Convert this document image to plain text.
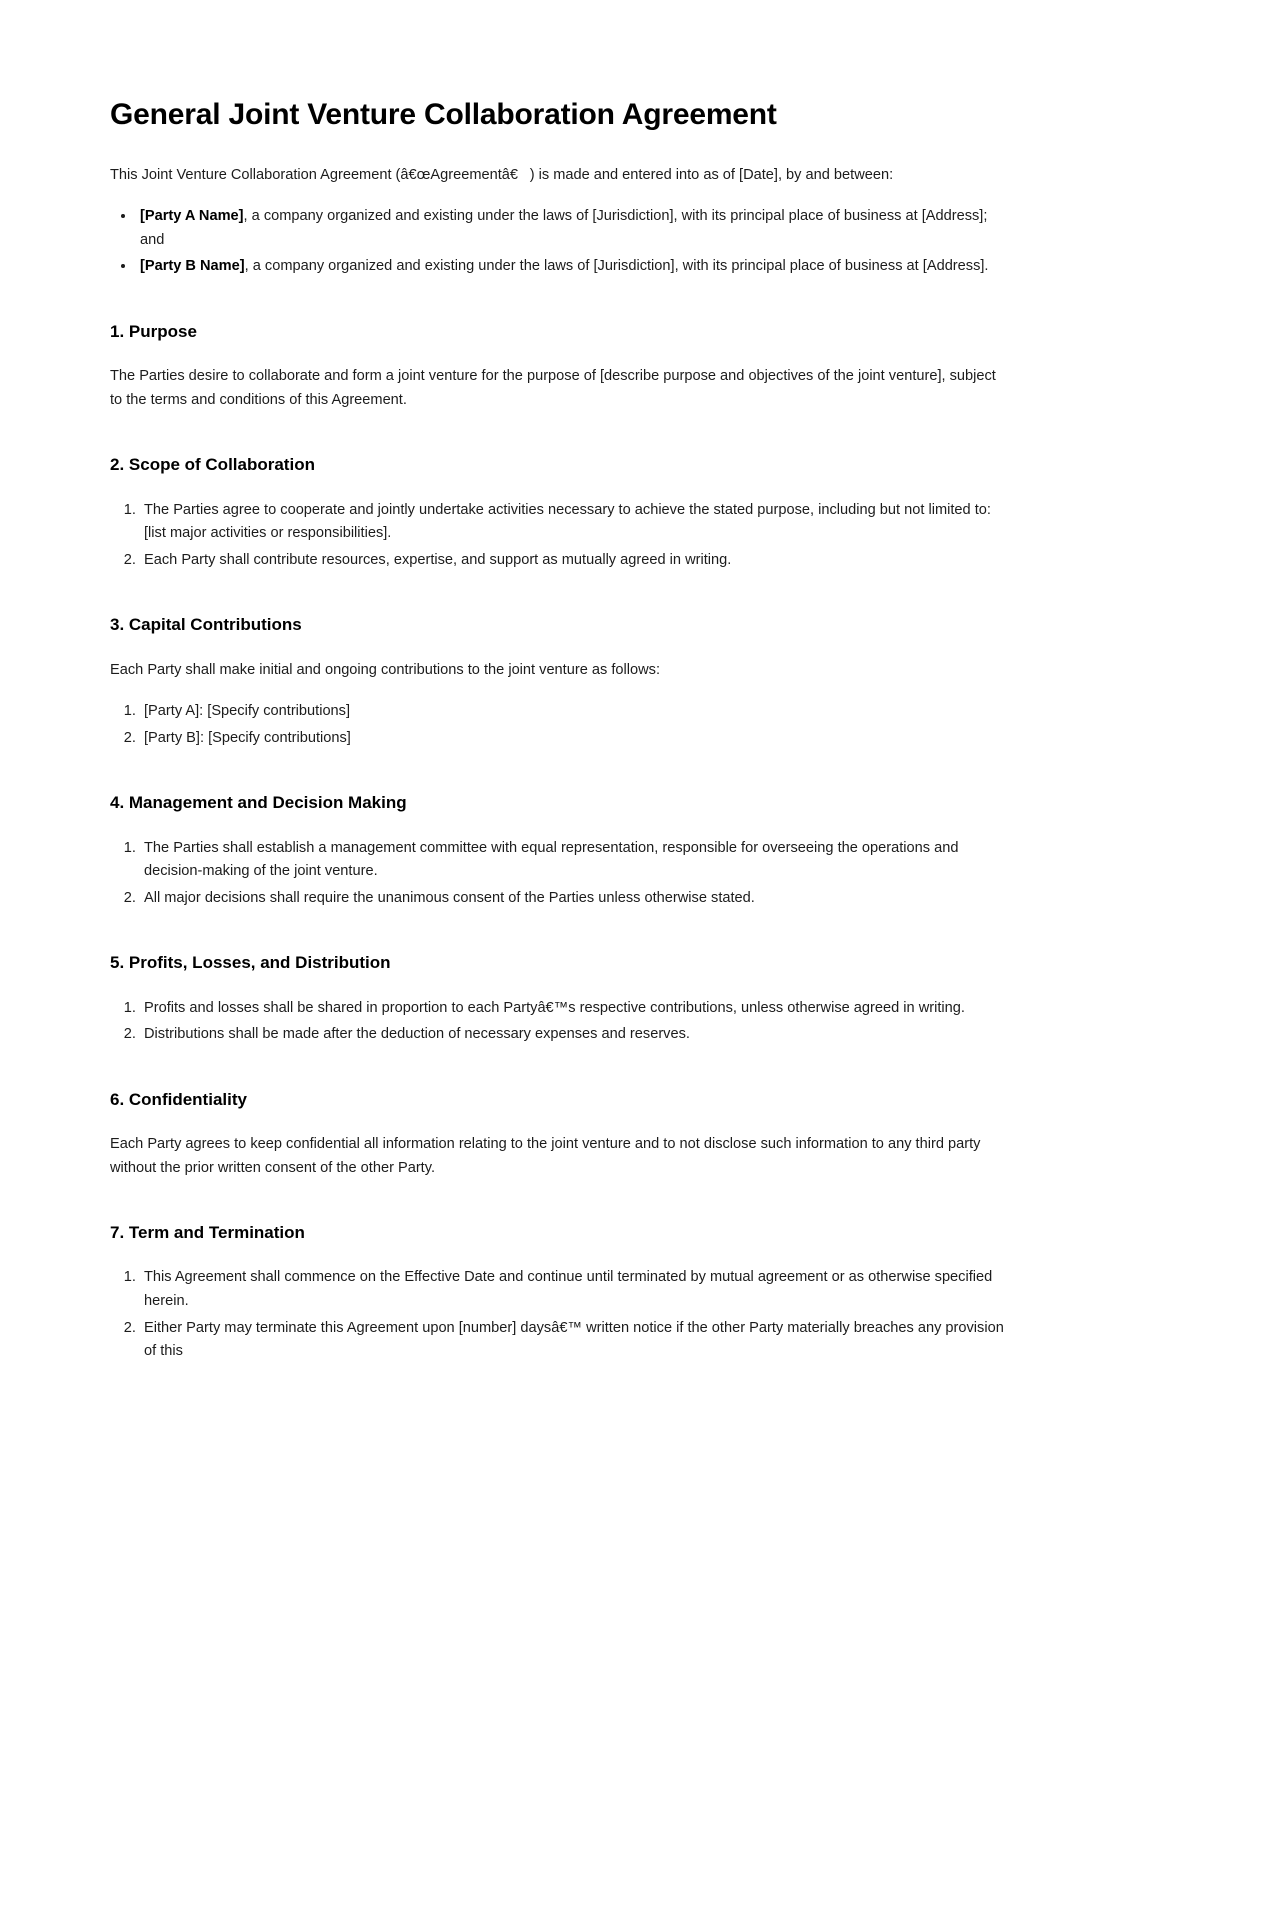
General Joint Venture Collaboration Agreement

This Joint Venture Collaboration Agreement (â€œAgreementâ€) is made and entered into as of [Date], by and between:

• [Party A Name], a company organized and existing under the laws of [Jurisdiction], with its principal place of business at [Address]; and
• [Party B Name], a company organized and existing under the laws of [Jurisdiction], with its principal place of business at [Address].
1. Purpose

The Parties desire to collaborate and form a joint venture for the purpose of [describe purpose and objectives of the joint venture], subject to the terms and conditions of this Agreement.

2. Scope of Collaboration
1. The Parties agree to cooperate and jointly undertake activities necessary to achieve the stated purpose, including but not limited to: [list major activities or responsibilities].
2. Each Party shall contribute resources, expertise, and support as mutually agreed in writing.
3. Capital Contributions

Each Party shall make initial and ongoing contributions to the joint venture as follows:

1. [Party A]: [Specify contributions]
2. [Party B]: [Specify contributions]
4. Management and Decision Making
1. The Parties shall establish a management committee with equal representation, responsible for overseeing the operations and decision-making of the joint venture.
2. All major decisions shall require the unanimous consent of the Parties unless otherwise stated.
5. Profits, Losses, and Distribution
1. Profits and losses shall be shared in proportion to each Partyâ€™s respective contributions, unless otherwise agreed in writing.
2. Distributions shall be made after the deduction of necessary expenses and reserves.
6. Confidentiality

Each Party agrees to keep confidential all information relating to the joint venture and to not disclose such information to any third party without the prior written consent of the other Party.

7. Term and Termination
1. This Agreement shall commence on the Effective Date and continue until terminated by mutual agreement or as otherwise specified herein.
2. Either Party may terminate this Agreement upon [number] daysâ€™ written notice if the other Party materially breaches any provision of this
